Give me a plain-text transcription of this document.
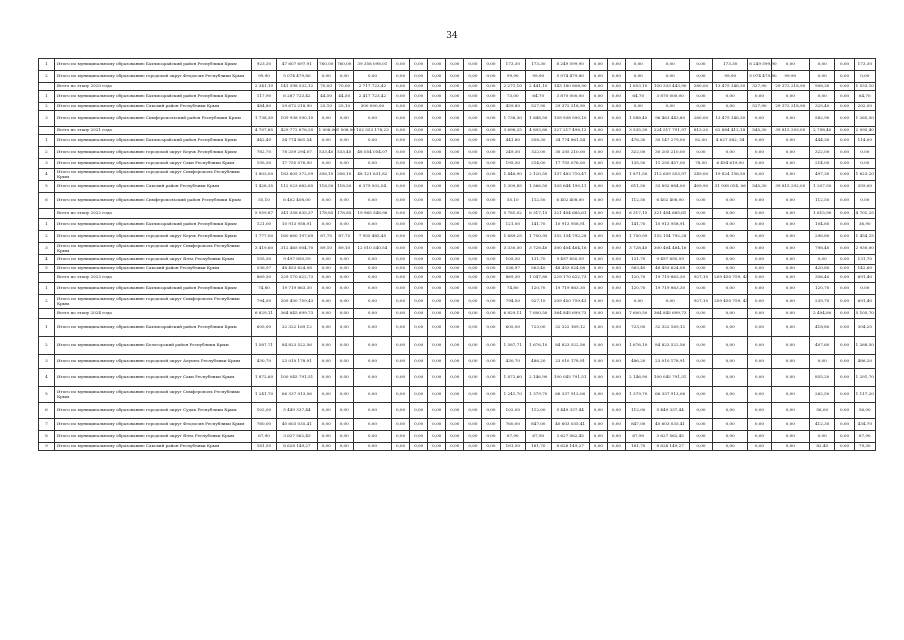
34
1	Итого по муниципальному образованию Бахчисарайский район Республики Крым	923,30	47 607 697,91	760,00	760,00	39 358 098,01	0,00	0,00	0,00	0,00	0,00	0,00	173,30	173,30	8 249 599,90	0,00	0,00	0,00	0,00	0,00	173,30	8 249 599,90	0,00	0,00	0,00	173,30
2	Итого по муниципальному образованию городской округ Феодосия Республики Крым	99,90	5 074 479,80	0,00	0,00	0,00	0,00	0,00	0,00	0,00	0,00	0,00	99,90	99,90	5 074 479,80	0,00	0,00	0,00	0,00	0,00	99,90	5 074 479,80	99,90	0,00	0,00	0,00
	Всего по этапу 2020 года	2 341,10	141 398 532,12	70,00	70,00	2 717 723,42	0,00	0,00	0,00	0,00	0,00	0,00	2 271,10	2 441,10	143 180 808,90	0,00	0,00	1 653,10	100 333 443,90	280,00	13 475 146,30	327,90	29 372 218,90	908,30	0,00	1 533,10
1	Итого по муниципальному образованию Бахчисарайский район Республики Крым	117,90	6 287 723,42	44,50	44,50	2 417 723,42	0,00	0,00	0,00	0,00	0,00	0,00	73,00	64,70	3 870 000,00	0,00	0,00	64,70	3 870 000,00	0,00	0,00	0,00	0,00	0,00	0,00	64,70
2	Итого по муниципальному образованию Сакский район Республики Крым	484,80	29 672 218,90	25,10	25,10	300 000,00	0,00	0,00	0,00	0,00	0,00	0,00	459,80	527,90	29 372 218,90	0,00	0,00	0,00	0,00	0,00	0,00	527,90	29 372 218,90	325,40	0,00	202,50
3	Итого по муниципальному образованию Симферопольский район Республики Крым	1 738,30	109 938 590,10	0,00	0,00	0,00	0,00	0,00	0,00	0,00	0,00	0,00	1 738,30	1 848,50	109 938 590,10	0,00	0,00	1 588,40	96 463 443,80	260,00	13 475 146,30	0,00	0,00	582,90	0,00	1 265,50
	Всего по этапу 2021 года	4 707,85	429 772 676,35	1 008,00	1 008,00	102 553 178,23	0,00	0,00	0,00	0,00	0,00	0,00	3 698,25	4 893,80	327 217 498,12	0,00	0,00	3 535,30	224 517 791,97	813,20	62 884 412,18	545,30	39 815 293,05	2 798,40	0,00	2 095,40
1	Итого по муниципальному образованию Бахчисарайский район Республики Крым	442,40	34 774 861,54	0,00	0,00	0,00	0,00	0,00	0,00	0,00	0,00	0,00	441,80	558,30	34 774 861,54	0,00	0,00	476,30	30 147 279,00	82,00	4 627 582, 54	0,00	0,00	444,30	0,00	114,00
2	Итого по муниципальному образованию городской округ Керчь Республики Крым	782,70	78 259 294,07	533,40	533,40	48 054 054,07	0,00	0,00	0,00	0,00	0,00	0,00	249,30	322,00	30 205 210,00	0,00	0,00	322,00	30 205 210,00	0,00	0,00	0,00	0,00	322,00	0,00	0,00
3	Итого по муниципальному образованию городской округ Саки Республики Крым	195,30	17 755 076,00	0,00	0,00	0,00	0,00	0,00	0,00	0,00	0,00	0,00	195,30	214,00	17 755 076,00	0,00	0,00	135,50	11 250 457,00	78,50	6 494 619,00	0,00	0,00	214,00	0,00	0,00
4	Итого по муниципальному образованию городской округ Симферополь Республики Крым	1 803,00	183 605 372,09	356,10	356,10	48 121 631,82	0,00	0,00	0,00	0,00	0,00	0,00	1 446,90	2 120,50	137 483 710,47	0,00	0,00	1 871,50	112 659 553,97	249,00	19 824 156,50	0,00	0,00	497,30	0,00	1 623,20
5	Итого по муниципальному образованию Сакский район Республики Крым	1 428,35	112 023 682,65	118,50	118,50	6 379 502,54	0,00	0,00	0,00	0,00	0,00	0,00	1 309,85	1 566,50	105 644 190,11	0,00	0,00	611,50	33 892 884,00	409,90	31 938 014, 06	545,30	39 815 292,05	1 207,50	0,00	359,00
6	Итого по муниципальному образованию Симферопольский район Республики Крым	55,10	6 402 408,00	0,00	0,00	0,00	0,00	0,00	0,00	0,00	0,00	0,00	55,10	112,50	6 402 408,00	0,00	0,00	112,50	6 402 408,00	0,00	0,00	0,00	0,00	112,50	0,00	0,00
	Всего по этапу 2022 года	5 959,87	341 358 635,37	178,85	178,85	19 965 548,96	0,00	0,00	0,00	0,00	0,00	0,00	5 781,02	6 317,15	321 404 685,61	0,00	0,00	6 317,15	321 404 685,61	0,00	0,00	0,00	0,00	1 615,90	0,00	4 701,25
1	Итого по муниципальному образованию Бахчисарайский район Республики Крым	121,00	10 913 958,91	0,00	0,00	0,00	0,00	0,00	0,00	0,00	0,00	0,00	121,00	141,70	10 913 958,91	0,00	0,00	141,70	10 913 958,91	0,00	0,00	0,00	0,00	104,80	0,00	36,90
2	Итого по муниципальному образованию городской округ Керчь Республики Крым	1 777,00	160 660 197,69	87,75	87,75	7 955 485,45	0,00	0,00	0,00	0,00	0,00	0,00	1 689,25	1 750,95	152 154 792,28	0,00	0,00	1 750,95	152 154 792,28	0,00	0,00	0,00	0,00	296,80	0,00	1 454,15
3	Итого по муниципальному образованию городской округ Симферополь Республики Крым	3 419,60	312 465 004,70	89,10	89,10	12 010 540,54	0,00	0,00	0,00	0,00	0,00	0,00	3 330,50	3 728,40	300 404 464,16	0,00	0,00	3 728,40	300 404 464,16	0,00	0,00	0,00	0,00	798,40	0,00	2 930,00
4	Итого по муниципальному образованию городской округ Ялта Республики Крым	105,30	9 497 850,59	0,00	0,00	0,00	0,00	0,00	0,00	0,00	0,00	0,00	105,30	131,70	9 497 850,59	0,00	0,00	131,70	9 497 850,59	0,00	0,00	0,00	0,00	0,00	0,00	131,70
5	Итого по муниципальному образованию Сакский район Республики Крым	536,97	48 453 624,08	0,00	0,00	0,00	0,00	0,00	0,00	0,00	0,00	0,00	536,97	563,40	48 453 624,08	0,00	0,00	563,40	48 453 624,08	0,00	0,00	0,00	0,00	420,80	0,00	142,60
	Всего по этапу 2023 года	869,30	229 170 622,73	0,00	0,00	0,00	0,00	0,00	0,00	0,00	0,00	0,00	869,30	1 047,80	229 170 622,73	0,00	0,00	120,70	19 719 863,30	927,10	209 450 759, 43	0,00	0,00	356,40	0,00	691,40
1	Итого по муниципальному образованию Бахчисарайский район Республики Крым	74,80	19 719 863,30	0,00	0,00	0,00	0,00	0,00	0,00	0,00	0,00	0,00	74,80	120,70	19 719 863,30	0,00	0,00	120,70	19 719 863,30	0,00	0,00	0,00	0,00	120,70	0,00	0,00
2	Итого по муниципальному образованию городской округ Симферополь Республики Крым	794,50	209 450 759,43	0,00	0,00	0,00	0,00	0,00	0,00	0,00	0,00	0,00	794,50	927,10	209 450 759,43	0,00	0,00	0,00	0,00	927,10	209 450 759, 43	0,00	0,00	235,70	0,00	691,40
	Всего по этапу 2024 года	6 829,11	364 845 699,73	0,00	0,00	0,00	0,00	0,00	0,00	0,00	0,00	0,00	6 829,11	7 600,50	364 845 699,73	0,00	0,00	7 600,50	364 845 699,73	0,00	0,00	0,00	0,00	2 494,80	0,00	5 105,70
1	Итого по муниципальному образованию Бахчисарайский район Республики Крым	605,00	32 322 169,12	0,00	0,00	0,00	0,00	0,00	0,00	0,00	0,00	0,00	605,00	723,00	32 322 169,12	0,00	0,00	723,00	32 322 169,12	0,00	0,00	0,00	0,00	418,80	0,00	304,20
2	Итого по муниципальному образованию Белогорский район Республики Крым	1 587,71	84 823 522,56	0,00	0,00	0,00	0,00	0,00	0,00	0,00	0,00	0,00	1 587,71	1 676,10	84 823 522,56	0,00	0,00	1 676,10	84 823 522,56	0,00	0,00	0,00	0,00	407,60	0,00	1 268,50
3	Итого по муниципальному образованию городской округ Алушта Республики Крым	430,70	23 010 178,91	0,00	0,00	0,00	0,00	0,00	0,00	0,00	0,00	0,00	430,70	486,20	23 010 178,91	0,00	0,00	486,20	23 010 178,91	0,00	0,00	0,00	0,00	0,00	0,00	486,20
4	Итого по муниципальному образованию городской округ Саки Республики Крым	1 872,60	100 045 791,51	0,00	0,00	0,00	0,00	0,00	0,00	0,00	0,00	0,00	1 872,60	2 146,90	100 045 791,51	0,00	0,00	2 146,90	100 045 791,51	0,00	0,00	0,00	0,00	855,20	0,00	1 291,70
5	Итого по муниципальному образованию городской округ Симферополь Республики Крым	1 241,70	66 337 913,06	0,00	0,00	0,00	0,00	0,00	0,00	0,00	0,00	0,00	1 241,70	1 379,70	66 337 913,06	0,00	0,00	1 379,70	66 337 913,06	0,00	0,00	0,00	0,00	262,50	0,00	1 117,20
6	Итого по муниципальному образованию городской округ Судак Республики Крым	102,00	5 449 337,44	0,00	0,00	0,00	0,00	0,00	0,00	0,00	0,00	0,00	102,00	112,00	5 449 337,44	0,00	0,00	112,00	5 449 337,44	0,00	0,00	0,00	0,00	56,00	0,00	56,00
7	Итого по муниципальному образованию городской округ Феодосия Республики Крым	760,00	40 603 035,41	0,00	0,00	0,00	0,00	0,00	0,00	0,00	0,00	0,00	760,00	847,00	40 603 035,41	0,00	0,00	847,00	40 603 035,41	0,00	0,00	0,00	0,00	412,30	0,00	434,70
8	Итого по муниципальному образованию городской округ Ялта Республики Крым	67,90	3 627 562,45	0,00	0,00	0,00	0,00	0,00	0,00	0,00	0,00	0,00	67,90	67,90	3 627 562,45	0,00	0,00	67,90	3 627 562,45	0,00	0,00	0,00	0,00	0,00	0,00	67,90
9	Итого по муниципальному образованию Сакский район Республики Крым	161,50	8 628 149,27	0,00	0,00	0,00	0,00	0,00	0,00	0,00	0,00	0,00	161,50	161,70	8 628 149,27	0,00	0,00	161,70	8 628 149,27	0,00	0,00	0,00	0,00	82,40	0,00	79,30
